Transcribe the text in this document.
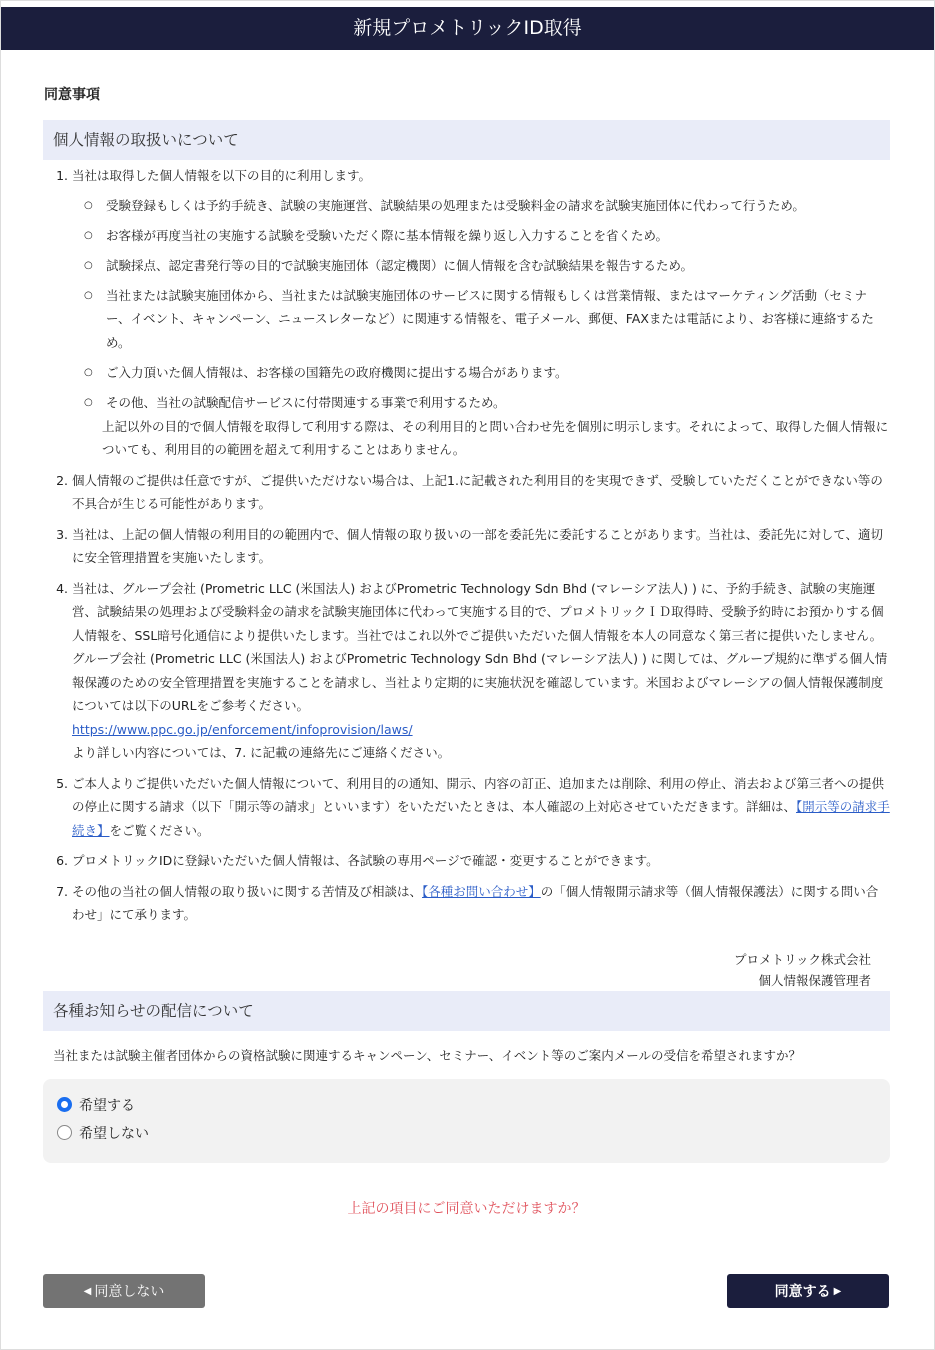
新規プロメトリックID取得
同意事項
個人情報の取扱いについて
1. 当社は取得した個人情報を以下の目的に利用します。
○ 受験登録もしくは予約手続き、試験の実施運営、試験結果の処理または受験料金の請求を試験実施団体に代わって行うため。
○ お客様が再度当社の実施する試験を受験いただく際に基本情報を繰り返し入力することを省くため。
○ 試験採点、認定書発行等の目的で試験実施団体（認定機関）に個人情報を含む試験結果を報告するため。
○ 当社または試験実施団体から、当社または試験実施団体のサービスに関する情報もしくは営業情報、またはマーケティング活動（セミナー、イベント、キャンペーン、ニュースレターなど）に関連する情報を、電子メール、郵便、FAXまたは電話により、お客様に連絡するため。
○ ご入力頂いた個人情報は、お客様の国籍先の政府機関に提出する場合があります。
○ その他、当社の試験配信サービスに付帯関連する事業で利用するため。
上記以外の目的で個人情報を取得して利用する際は、その利用目的と問い合わせ先を個別に明示します。それによって、取得した個人情報についても、利用目的の範囲を超えて利用することはありません。
2. 個人情報のご提供は任意ですが、ご提供いただけない場合は、上記1.に記載された利用目的を実現できず、受験していただくことができない等の不具合が生じる可能性があります。
3. 当社は、上記の個人情報の利用目的の範囲内で、個人情報の取り扱いの一部を委託先に委託することがあります。当社は、委託先に対して、適切に安全管理措置を実施いたします。
4. 当社は、グループ会社 (Prometric LLC (米国法人) およびPrometric Technology Sdn Bhd (マレーシア法人) ) に、予約手続き、試験の実施運営、試験結果の処理および受験料金の請求を試験実施団体に代わって実施する目的で、プロメトリックＩＤ取得時、受験予約時にお預かりする個人情報を、SSL暗号化通信により提供いたします。当社ではこれ以外でご提供いただいた個人情報を本人の同意なく第三者に提供いたしません。
グループ会社 (Prometric LLC (米国法人) およびPrometric Technology Sdn Bhd (マレーシア法人) ) に関しては、グループ規約に準ずる個人情報保護のための安全管理措置を実施することを請求し、当社より定期的に実施状況を確認しています。米国およびマレーシアの個人情報保護制度については以下のURLをご参考ください。
https://www.ppc.go.jp/enforcement/infoprovision/laws/
より詳しい内容については、7. に記載の連絡先にご連絡ください。
5. ご本人よりご提供いただいた個人情報について、利用目的の通知、開示、内容の訂正、追加または削除、利用の停止、消去および第三者への提供の停止に関する請求（以下「開示等の請求」といいます）をいただいたときは、本人確認の上対応させていただきます。詳細は、【開示等の請求手続き】をご覧ください。
6. プロメトリックIDに登録いただいた個人情報は、各試験の専用ページで確認・変更することができます。
7. その他の当社の個人情報の取り扱いに関する苦情及び相談は、【各種お問い合わせ】の「個人情報開示請求等（個人情報保護法）に関する問い合わせ」にて承ります。
プロメトリック株式会社
個人情報保護管理者
各種お知らせの配信について
当社または試験主催者団体からの資格試験に関連するキャンペーン、セミナー、イベント等のご案内メールの受信を希望されますか？
希望する
希望しない
上記の項目にご同意いただけますか？
◀ 同意しない	同意する ▶
